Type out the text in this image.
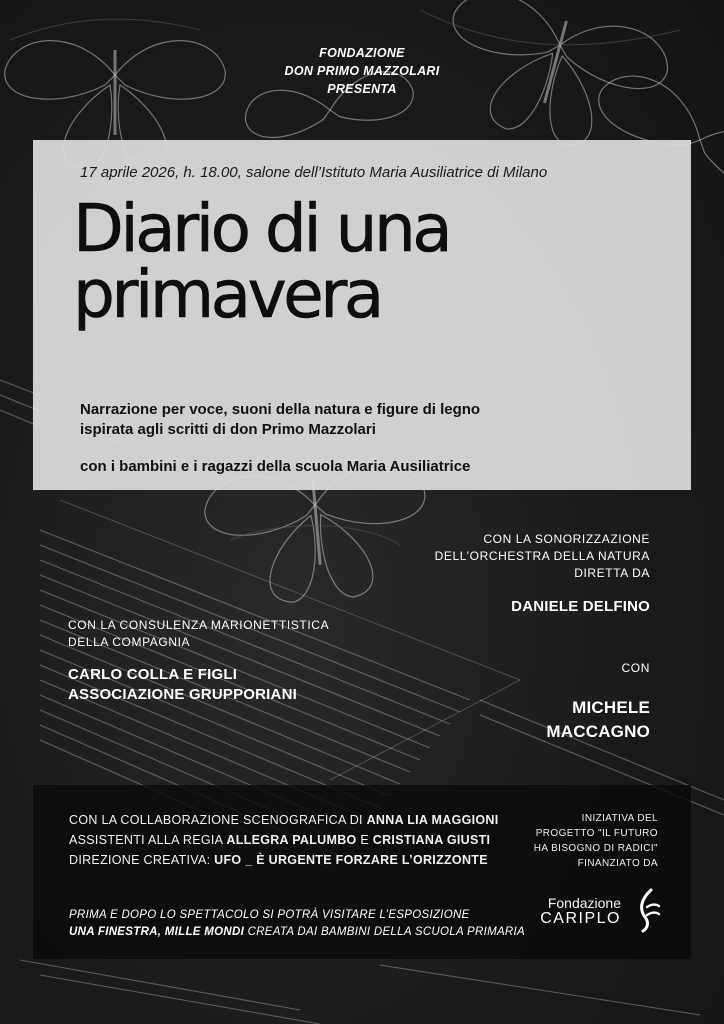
FONDAZIONE
DON PRIMO MAZZOLARI
PRESENTA
17 aprile 2026, h. 18.00, salone dell’Istituto Maria Ausiliatrice di Milano
Diario di una
primavera
Narrazione per voce, suoni della natura e figure di legno
ispirata agli scritti di don Primo Mazzolari
con i bambini e i ragazzi della scuola Maria Ausiliatrice
CON LA SONORIZZAZIONE
DELL’ORCHESTRA DELLA NATURA
DIRETTA DA
DANIELE DELFINO
CON LA CONSULENZA MARIONETTISTICA
DELLA COMPAGNIA
CARLO COLLA E FIGLI
ASSOCIAZIONE GRUPPORIANI
CON
MICHELE
MACCAGNO
CON LA COLLABORAZIONE SCENOGRAFICA DI ANNA LIA MAGGIONI
ASSISTENTI ALLA REGIA ALLEGRA PALUMBO E CRISTIANA GIUSTI
DIREZIONE CREATIVA: UFO _ È URGENTE FORZARE L’ORIZZONTE
PRIMA E DOPO LO SPETTACOLO SI POTRÀ VISITARE L’ESPOSIZIONE
UNA FINESTRA, MILLE MONDI CREATA DAI BAMBINI DELLA SCUOLA PRIMARIA
INIZIATIVA DEL
PROGETTO "IL FUTURO
HA BISOGNO DI RADICI"
FINANZIATO DA
Fondazione
CARIPLO
